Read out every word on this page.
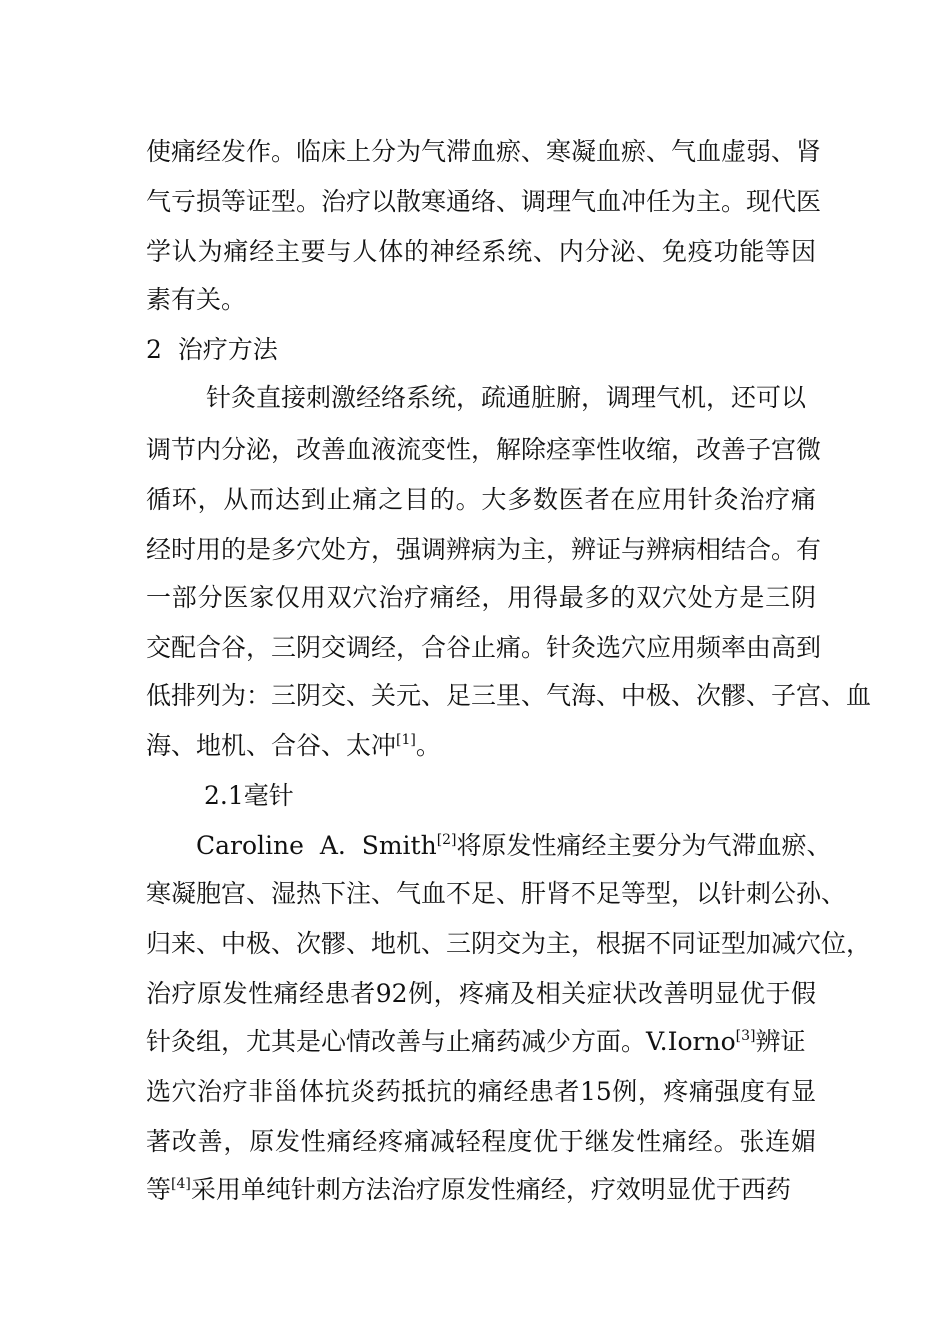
使痛经发作。临床上分为气滞血瘀、寒凝血瘀、气血虚弱、肾
气亏损等证型。治疗以散寒通络、调理气血冲任为主。现代医
学认为痛经主要与人体的神经系统、内分泌、免疫功能等因
素有关。
2  治疗方法
针灸直接刺激经络系统，疏通脏腑，调理气机，还可以
调节内分泌，改善血液流变性，解除痉挛性收缩，改善子宫微
循环，从而达到止痛之目的。大多数医者在应用针灸治疗痛
经时用的是多穴处方，强调辨病为主，辨证与辨病相结合。有
一部分医家仅用双穴治疗痛经，用得最多的双穴处方是三阴
交配合谷，三阴交调经，合谷止痛。针灸选穴应用频率由高到
低排列为：三阴交、关元、足三里、气海、中极、次髎、子宫、血
海、地机、合谷、太冲[1]。
2.1毫针
Caroline  A.  Smith[2]将原发性痛经主要分为气滞血瘀、
寒凝胞宫、湿热下注、气血不足、肝肾不足等型，以针刺公孙、
归来、中极、次髎、地机、三阴交为主，根据不同证型加减穴位，
治疗原发性痛经患者92例，疼痛及相关症状改善明显优于假
针灸组，尤其是心情改善与止痛药减少方面。V.Iorno[3]辨证
选穴治疗非甾体抗炎药抵抗的痛经患者15例，疼痛强度有显
著改善，原发性痛经疼痛减轻程度优于继发性痛经。张连媚
等[4]采用单纯针刺方法治疗原发性痛经，疗效明显优于西药
